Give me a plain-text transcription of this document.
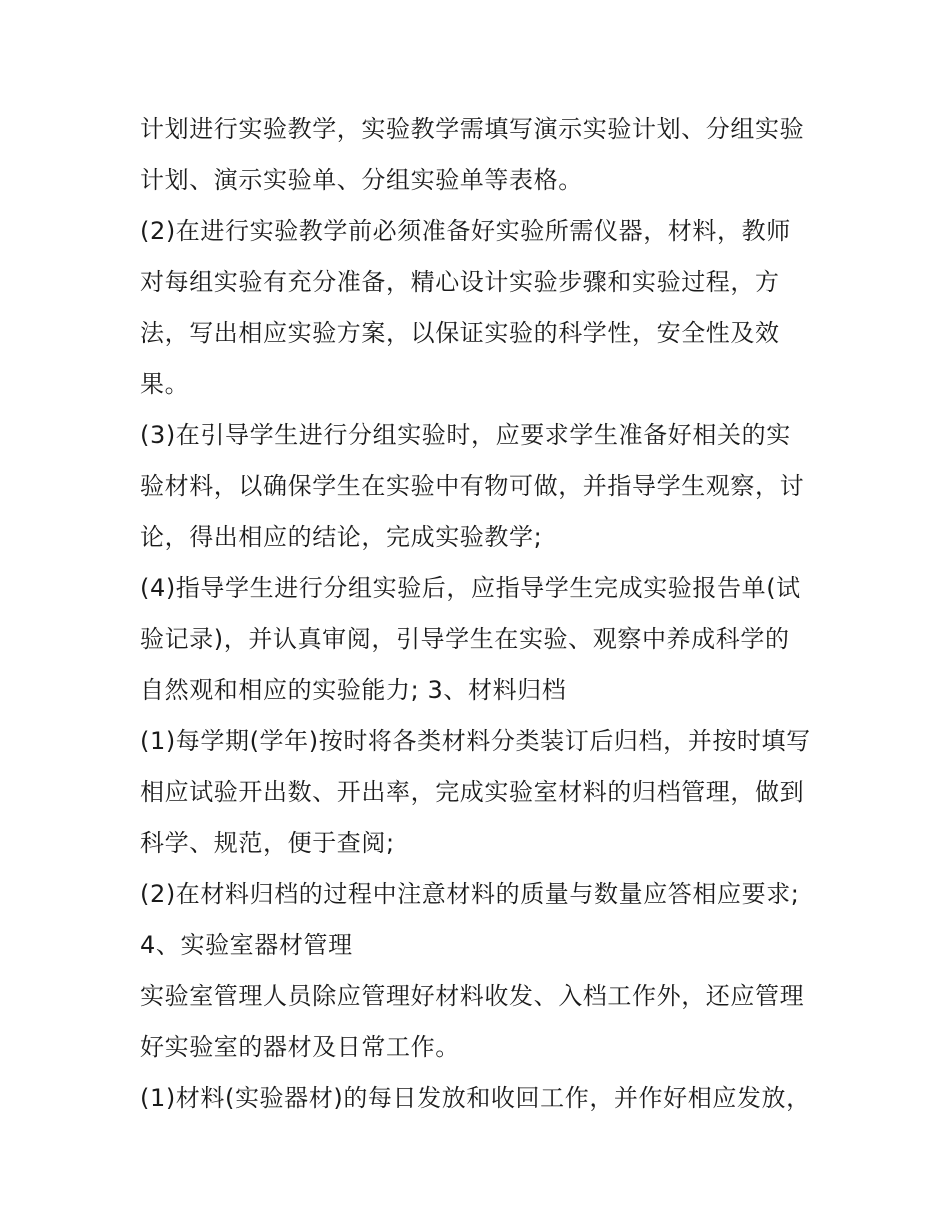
计划进行实验教学，实验教学需填写演示实验计划、分组实验
计划、演示实验单、分组实验单等表格。
(2)在进行实验教学前必须准备好实验所需仪器，材料，教师
对每组实验有充分准备，精心设计实验步骤和实验过程，方
法，写出相应实验方案，以保证实验的科学性，安全性及效
果。
(3)在引导学生进行分组实验时，应要求学生准备好相关的实
验材料，以确保学生在实验中有物可做，并指导学生观察，讨
论，得出相应的结论，完成实验教学;
(4)指导学生进行分组实验后，应指导学生完成实验报告单(试
验记录)，并认真审阅，引导学生在实验、观察中养成科学的
自然观和相应的实验能力; 3、材料归档
(1)每学期(学年)按时将各类材料分类装订后归档，并按时填写
相应试验开出数、开出率，完成实验室材料的归档管理，做到
科学、规范，便于查阅;
(2)在材料归档的过程中注意材料的质量与数量应答相应要求;
4、实验室器材管理
实验室管理人员除应管理好材料收发、入档工作外，还应管理
好实验室的器材及日常工作。
(1)材料(实验器材)的每日发放和收回工作，并作好相应发放，
